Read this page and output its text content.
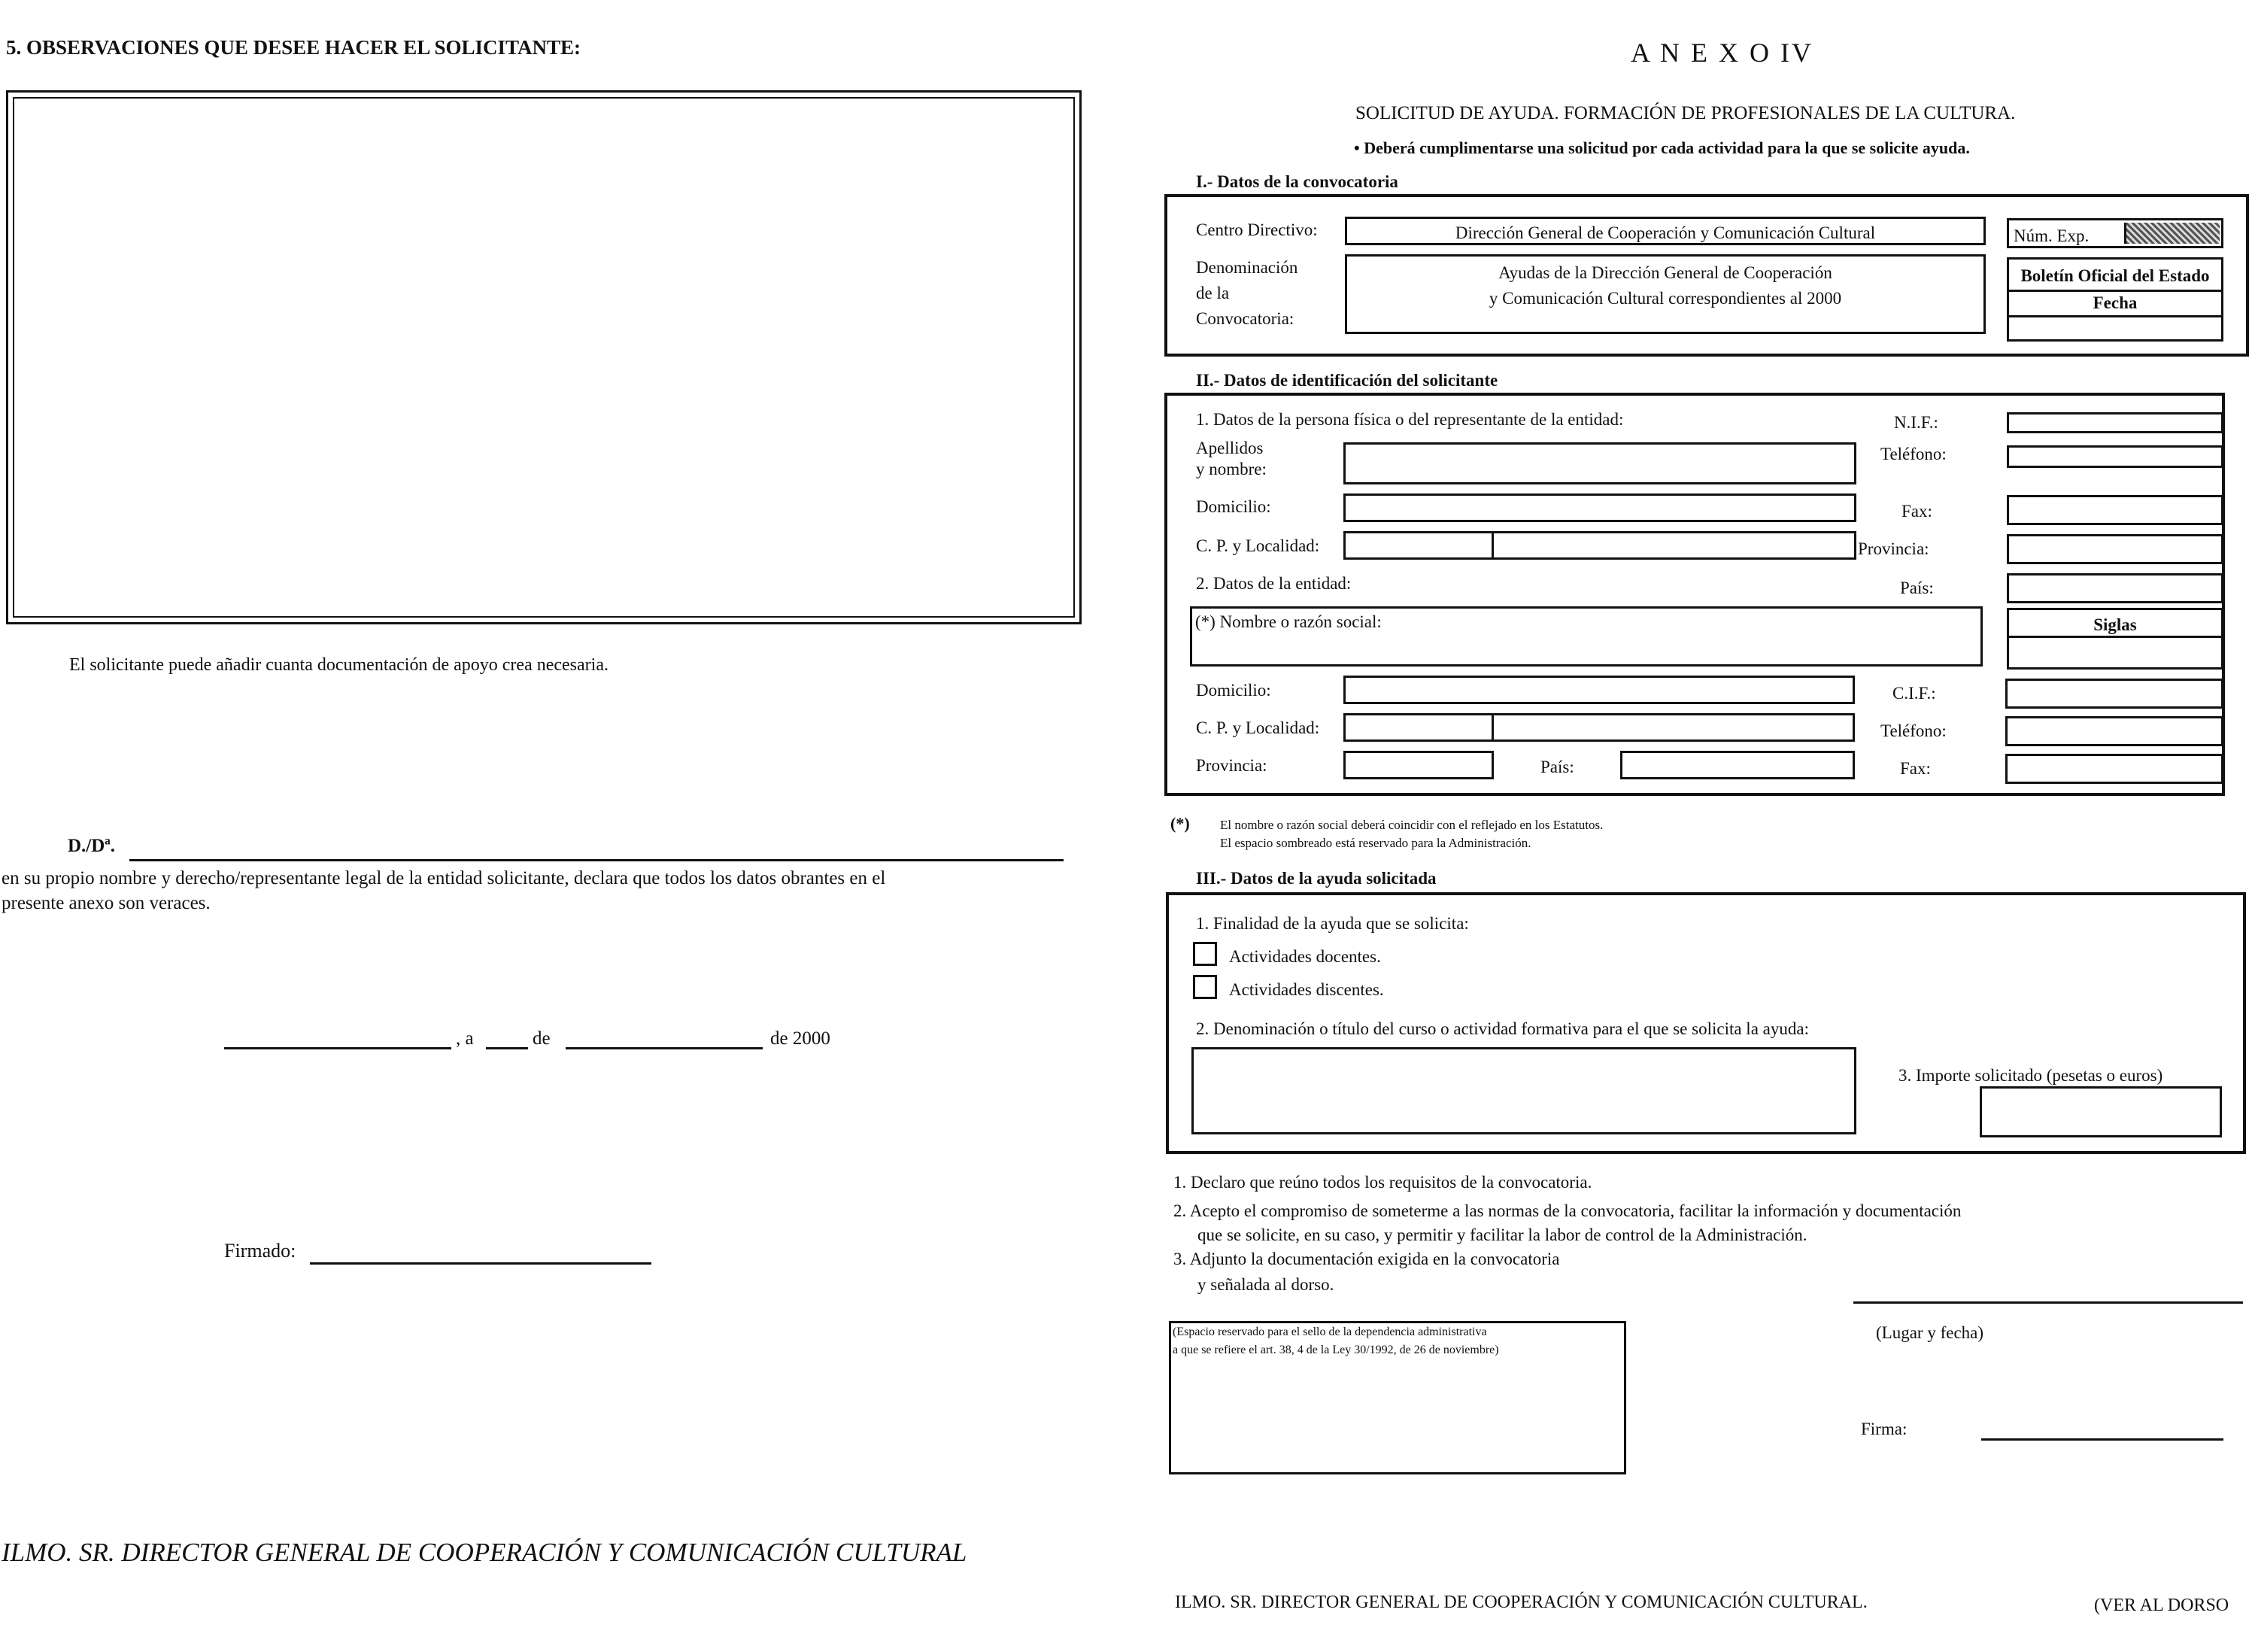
5. OBSERVACIONES QUE DESEE HACER EL SOLICITANTE:
El solicitante puede añadir cuanta documentación de apoyo crea necesaria.
D./Dª.
en su propio nombre y derecho/representante legal de la entidad solicitante, declara que todos los datos obrantes en el
presente anexo son veraces.
, a	de	de 2000
Firmado:
ILMO. SR. DIRECTOR GENERAL DE COOPERACIÓN Y COMUNICACIÓN CULTURAL
A N E X O IV
SOLICITUD DE AYUDA. FORMACIÓN DE PROFESIONALES DE LA CULTURA.
• Deberá cumplimentarse una solicitud por cada actividad para la que se solicite ayuda.
I.- Datos de la convocatoria
Centro Directivo:	Dirección General de Cooperación y Comunicación Cultural
Denominación
de la
Convocatoria:
Ayudas de la Dirección General de Cooperación
y Comunicación Cultural correspondientes al 2000
Núm. Exp.
Boletín Oficial del Estado
Fecha
II.- Datos de identificación del solicitante
1. Datos de la persona física o del representante de la entidad:	N.I.F.:
Apellidos
y nombre:
Teléfono:
Domicilio:	Fax:
C. P. y Localidad:	Provincia:
2. Datos de la entidad:	País:
(*) Nombre o razón social:	Siglas
Domicilio:	C.I.F.:
C. P. y Localidad:	Teléfono:
Provincia:	País:	Fax:
(*) El nombre o razón social deberá coincidir con el reflejado en los Estatutos.
El espacio sombreado está reservado para la Administración.
III.- Datos de la ayuda solicitada
1. Finalidad de la ayuda que se solicita:
Actividades docentes.
Actividades discentes.
2. Denominación o título del curso o actividad formativa para el que se solicita la ayuda:
3. Importe solicitado (pesetas o euros)
1. Declaro que reúno todos los requisitos de la convocatoria.
2. Acepto el compromiso de someterme a las normas de la convocatoria, facilitar la información y documentación
que se solicite, en su caso, y permitir y facilitar la labor de control de la Administración.
3. Adjunto la documentación exigida en la convocatoria
y señalada al dorso.
(Lugar y fecha)
(Espacio reservado para el sello de la dependencia administrativa
a que se refiere el art. 38, 4 de la Ley 30/1992, de 26 de noviembre)
Firma:
ILMO. SR. DIRECTOR GENERAL DE COOPERACIÓN Y COMUNICACIÓN CULTURAL.	(VER AL DORSO
